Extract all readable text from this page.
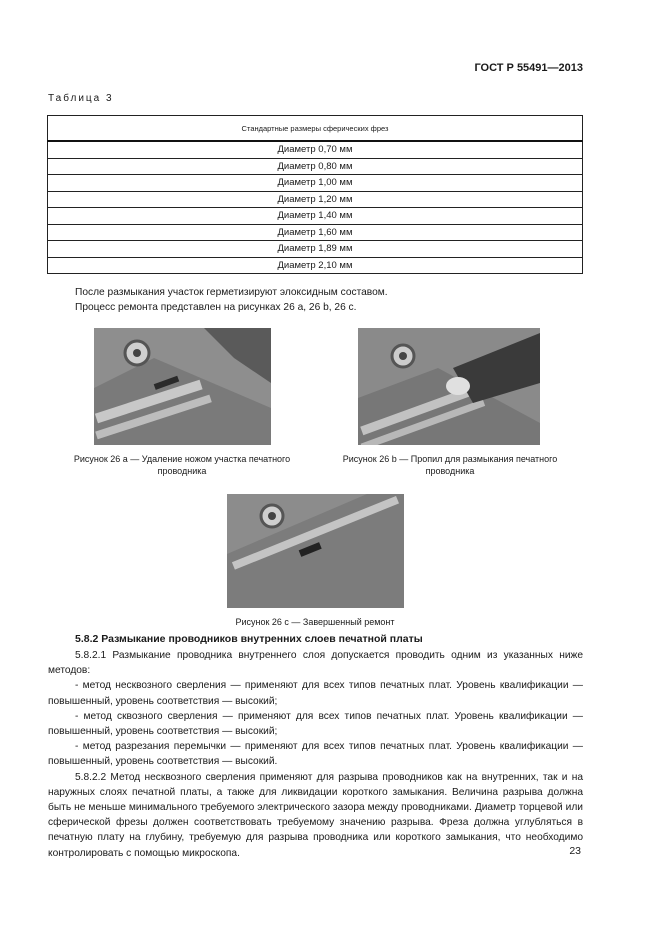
ГОСТ Р 55491—2013
Таблица 3
Стандартные размеры сферических фрез
Диаметр 0,70 мм
Диаметр 0,80 мм
Диаметр 1,00 мм
Диаметр 1,20 мм
Диаметр 1,40 мм
Диаметр 1,60 мм
Диаметр 1,89 мм
Диаметр 2,10 мм
После размыкания участок герметизируют элоксидным составом.
Процесс ремонта представлен на рисунках 26 а, 26 b, 26 с.
Рисунок 26 а — Удаление ножом участка печатного
проводника
Рисунок 26 b — Пропил для размыкания печатного
проводника
Рисунок 26 с — Завершенный ремонт
5.8.2 Размыкание проводников внутренних слоев печатной платы

5.8.2.1 Размыкание проводника внутреннего слоя допускается проводить одним из указанных ниже методов:

- метод несквозного сверления — применяют для всех типов печатных плат. Уровень квалификации — повышенный, уровень соответствия — высокий;

- метод сквозного сверления — применяют для всех типов печатных плат. Уровень квалификации — повышенный, уровень соответствия — высокий;

- метод разрезания перемычки — применяют для всех типов печатных плат. Уровень квалификации — повышенный, уровень соответствия — высокий.

5.8.2.2 Метод несквозного сверления применяют для разрыва проводников как на внутренних, так и на наружных слоях печатной платы, а также для ликвидации короткого замыкания. Величина разрыва должна быть не меньше минимального требуемого электрического зазора между проводниками. Диаметр торцевой или сферической фрезы должен соответствовать требуемому значению разрыва. Фреза должна углубляться в печатную плату на глубину, требуемую для разрыва проводника или короткого замыкания, что необходимо контролировать с помощью микроскопа.	23
